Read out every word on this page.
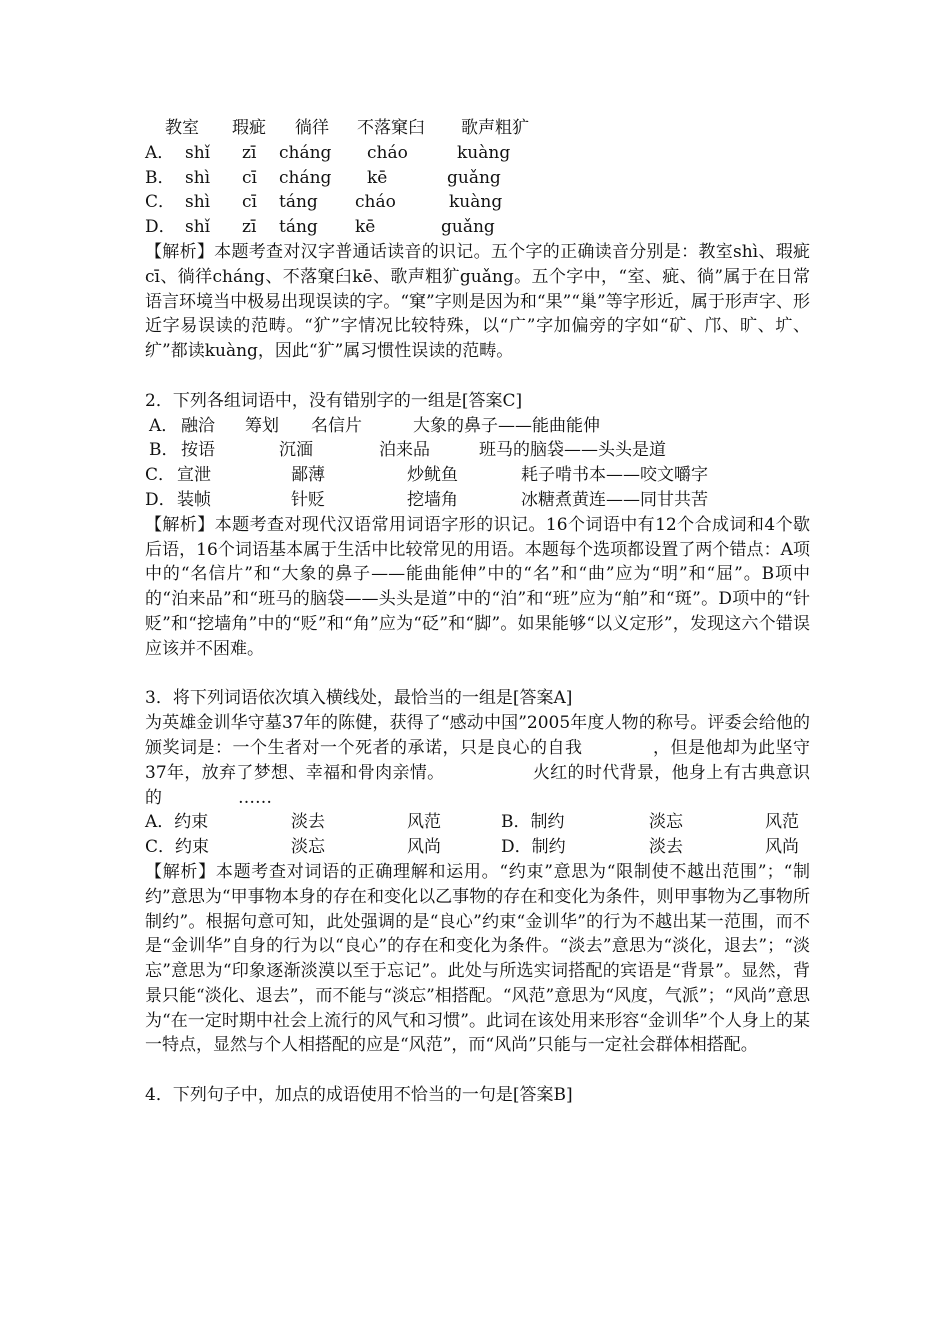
教室 瑕疵 徜徉 不落窠臼 歌声粗犷
A． shǐ zī cháng cháo	kuàng
B． shì cī cháng kē	guǎng
C． shì cī táng cháo	kuàng
D． shǐ zī táng kē	guǎng
【解析】本题考查对汉字普通话读音的识记。五个字的正确读音分别是：教室shì、瑕疵cī、徜徉cháng、不落窠臼kē、歌声粗犷guǎng。五个字中，“室、疵、徜”属于在日常语言环境当中极易出现误读的字。“窠”字则是因为和“果”“巢”等字形近，属于形声字、形近字易误读的范畴。“犷”字情况比较特殊，以“广”字加偏旁的字如“矿、邝、旷、圹、纩”都读kuàng，因此“犷”属习惯性误读的范畴。
2．下列各组词语中，没有错别字的一组是[答案C]
A． 融洽 筹划 名信片	大象的鼻子——能曲能伸
B． 按语	沉湎	泊来品	班马的脑袋——头头是道
C． 宣泄	鄙薄	炒鱿鱼	耗子啃书本——咬文嚼字
D． 装帧	针贬	挖墙角	冰糖煮黄连——同甘共苦
【解析】本题考查对现代汉语常用词语字形的识记。16个词语中有12个合成词和4个歇后语，16个词语基本属于生活中比较常见的用语。本题每个选项都设置了两个错点：A项中的“名信片”和“大象的鼻子——能曲能伸”中的“名”和“曲”应为“明”和“屈”。B项中的“泊来品”和“班马的脑袋——头头是道”中的“泊”和“班”应为“舶”和“斑”。D项中的“针贬”和“挖墙角”中的“贬”和“角”应为“砭”和“脚”。如果能够“以义定形”，发现这六个错误应该并不困难。
3．将下列词语依次填入横线处，最恰当的一组是[答案A]
为英雄金训华守墓37年的陈健，获得了“感动中国”2005年度人物的称号。评委会给他的颁奖词是：一个生者对一个死者的承诺，只是良心的自我	，但是他却为此坚守37年，放弃了梦想、幸福和骨肉亲情。	火红的时代背景，他身上有古典意识的	……
A．约束	淡去	风范	B．制约	淡忘	风范
C．约束	淡忘	风尚	D．制约	淡去	风尚
【解析】本题考查对词语的正确理解和运用。“约束”意思为“限制使不越出范围”；“制约”意思为“甲事物本身的存在和变化以乙事物的存在和变化为条件，则甲事物为乙事物所制约”。根据句意可知，此处强调的是“良心”约束“金训华”的行为不越出某一范围，而不是“金训华”自身的行为以“良心”的存在和变化为条件。“淡去”意思为“淡化，退去”；“淡忘”意思为“印象逐渐淡漠以至于忘记”。此处与所选实词搭配的宾语是“背景”。显然，背景只能“淡化、退去”，而不能与“淡忘”相搭配。“风范”意思为“风度，气派”；“风尚”意思为“在一定时期中社会上流行的风气和习惯”。此词在该处用来形容“金训华”个人身上的某一特点，显然与个人相搭配的应是“风范”，而“风尚”只能与一定社会群体相搭配。
4．下列句子中，加点的成语使用不恰当的一句是[答案B]
